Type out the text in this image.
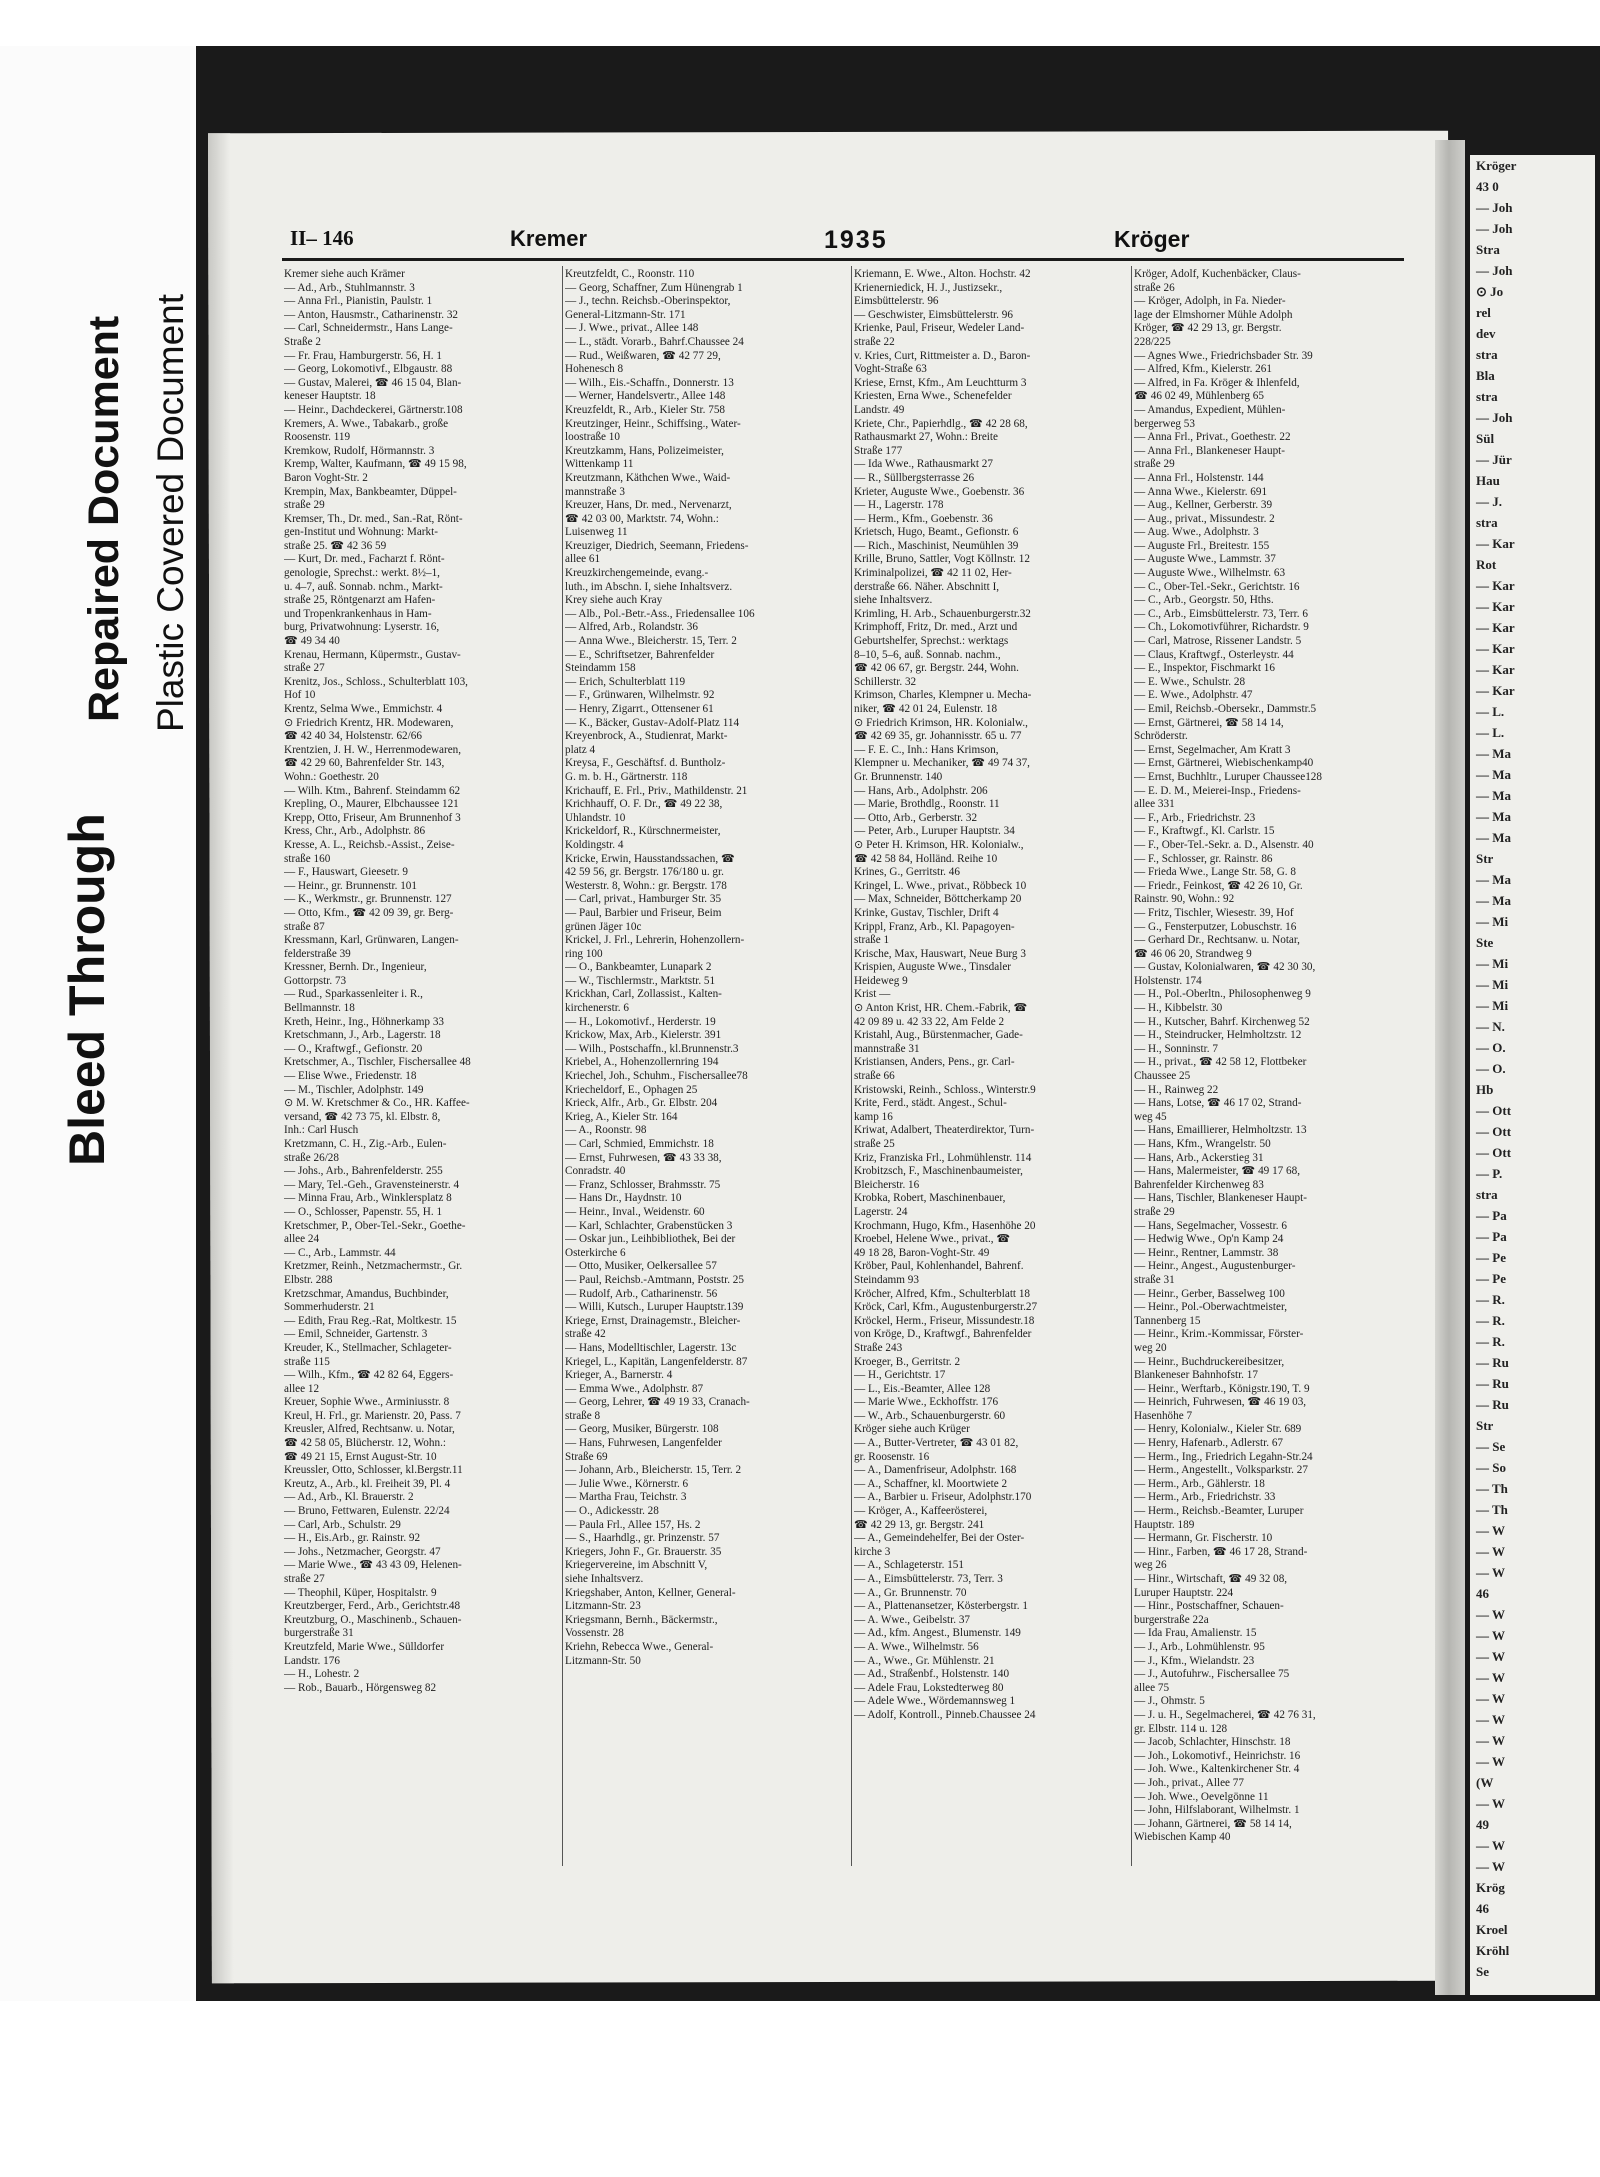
Bleed Through
Repaired Document Plastic Covered Document
Kröger
43 0
— Joh
— Joh
Stra
— Joh
⊙ Jo
rel
dev
stra
Bla
stra
— Joh
Sül
— Jür
Hau
— J.
stra
— Kar
Rot
— Kar
— Kar
— Kar
— Kar
— Kar
— Kar
— L.
— L.
— Ma
— Ma
— Ma
— Ma
— Ma
Str
— Ma
— Ma
— Mi
Ste
— Mi
— Mi
— Mi
— N.
— O.
— O.
Hb
— Ott
— Ott
— Ott
— P.
stra
— Pa
— Pa
— Pe
— Pe
— R.
— R.
— R.
— Ru
— Ru
— Ru
Str
— Se
— So
— Th
— Th
— W
— W
— W
46
— W
— W
— W
— W
— W
— W
— W
— W
(W
— W
49
— W
— W
Krög
46
Kroel
Kröhl
Se
II– 146	Kremer	1935	Kröger
Kremer siehe auch Krämer
— Ad., Arb., Stuhlmannstr. 3
— Anna Frl., Pianistin, Paulstr. 1
— Anton, Hausmstr., Catharinenstr. 32
— Carl, Schneidermstr., Hans Lange-
Straße 2
— Fr. Frau, Hamburgerstr. 56, H. 1
— Georg, Lokomotivf., Elbgaustr. 88
— Gustav, Malerei, ☎ 46 15 04, Blan-
keneser Hauptstr. 18
— Heinr., Dachdeckerei, Gärtnerstr.108
Kremers, A. Wwe., Tabakarb., große
Roosenstr. 119
Kremkow, Rudolf, Hörmannstr. 3
Kremp, Walter, Kaufmann, ☎ 49 15 98,
Baron Voght-Str. 2
Krempin, Max, Bankbeamter, Düppel-
straße 29
Kremser, Th., Dr. med., San.-Rat, Rönt-
gen-Institut und Wohnung: Markt-
straße 25. ☎ 42 36 59
— Kurt, Dr. med., Facharzt f. Rönt-
genologie, Sprechst.: werkt. 8½–1,
u. 4–7, auß. Sonnab. nchm., Markt-
straße 25, Röntgenarzt am Hafen-
und Tropenkrankenhaus in Ham-
burg, Privatwohnung: Lyserstr. 16,
☎ 49 34 40
Krenau, Hermann, Küpermstr., Gustav-
straße 27
Krenitz, Jos., Schloss., Schulterblatt 103,
Hof 10
Krentz, Selma Wwe., Emmichstr. 4
⊙ Friedrich Krentz, HR. Modewaren,
☎ 42 40 34, Holstenstr. 62/66
Krentzien, J. H. W., Herrenmodewaren,
☎ 42 29 60, Bahrenfelder Str. 143,
Wohn.: Goethestr. 20
— Wilh. Ktm., Bahrenf. Steindamm 62
Krepling, O., Maurer, Elbchaussee 121
Krepp, Otto, Friseur, Am Brunnenhof 3
Kress, Chr., Arb., Adolphstr. 86
Kresse, A. L., Reichsb.-Assist., Zeise-
straße 160
— F., Hauswart, Gieesetr. 9
— Heinr., gr. Brunnenstr. 101
— K., Werkmstr., gr. Brunnenstr. 127
— Otto, Kfm., ☎ 42 09 39, gr. Berg-
straße 87
Kressmann, Karl, Grünwaren, Langen-
felderstraße 39
Kressner, Bernh. Dr., Ingenieur,
Gottorpstr. 73
— Rud., Sparkassenleiter i. R.,
Bellmannstr. 18
Kreth, Heinr., Ing., Höhnerkamp 33
Kretschmann, J., Arb., Lagerstr. 18
— O., Kraftwgf., Gefionstr. 20
Kretschmer, A., Tischler, Fischersallee 48
— Elise Wwe., Friedenstr. 18
— M., Tischler, Adolphstr. 149
⊙ M. W. Kretschmer & Co., HR. Kaffee-
versand, ☎ 42 73 75, kl. Elbstr. 8,
Inh.: Carl Husch
Kretzmann, C. H., Zig.-Arb., Eulen-
straße 26/28
— Johs., Arb., Bahrenfelderstr. 255
— Mary, Tel.-Geh., Gravensteinerstr. 4
— Minna Frau, Arb., Winklersplatz 8
— O., Schlosser, Papenstr. 55, H. 1
Kretschmer, P., Ober-Tel.-Sekr., Goethe-
allee 24
— C., Arb., Lammstr. 44
Kretzmer, Reinh., Netzmachermstr., Gr.
Elbstr. 288
Kretzschmar, Amandus, Buchbinder,
Sommerhuderstr. 21
— Edith, Frau Reg.-Rat, Moltkestr. 15
— Emil, Schneider, Gartenstr. 3
Kreuder, K., Stellmacher, Schlageter-
straße 115
— Wilh., Kfm., ☎ 42 82 64, Eggers-
allee 12
Kreuer, Sophie Wwe., Arminiusstr. 8
Kreul, H. Frl., gr. Marienstr. 20, Pass. 7
Kreusler, Alfred, Rechtsanw. u. Notar,
☎ 42 58 05, Blücherstr. 12, Wohn.:
☎ 49 21 15, Ernst August-Str. 10
Kreussler, Otto, Schlosser, kl.Bergstr.11
Kreutz, A., Arb., kl. Freiheit 39, Pl. 4
— Ad., Arb., Kl. Brauerstr. 2
— Bruno, Fettwaren, Eulenstr. 22/24
— Carl, Arb., Schulstr. 29
— H., Eis.Arb., gr. Rainstr. 92
— Johs., Netzmacher, Georgstr. 47
— Marie Wwe., ☎ 43 43 09, Helenen-
straße 27
— Theophil, Küper, Hospitalstr. 9
Kreutzberger, Ferd., Arb., Gerichtstr.48
Kreutzburg, O., Maschinenb., Schauen-
burgerstraße 31
Kreutzfeld, Marie Wwe., Sülldorfer
Landstr. 176
— H., Lohestr. 2
— Rob., Bauarb., Hörgensweg 82
Kreutzfeldt, C., Roonstr. 110
— Georg, Schaffner, Zum Hünengrab 1
— J., techn. Reichsb.-Oberinspektor,
General-Litzmann-Str. 171
— J. Wwe., privat., Allee 148
— L., städt. Vorarb., Bahrf.Chaussee 24
— Rud., Weißwaren, ☎ 42 77 29,
Hohenesch 8
— Wilh., Eis.-Schaffn., Donnerstr. 13
— Werner, Handelsvertr., Allee 148
Kreuzfeldt, R., Arb., Kieler Str. 758
Kreutzinger, Heinr., Schiffsing., Water-
loostraße 10
Kreutzkamm, Hans, Polizeimeister,
Wittenkamp 11
Kreutzmann, Käthchen Wwe., Waid-
mannstraße 3
Kreuzer, Hans, Dr. med., Nervenarzt,
☎ 42 03 00, Marktstr. 74, Wohn.:
Luisenweg 11
Kreuziger, Diedrich, Seemann, Friedens-
allee 61
Kreuzkirchengemeinde, evang.-
luth., im Abschn. I, siehe Inhaltsverz.
Krey siehe auch Kray
— Alb., Pol.-Betr.-Ass., Friedensallee 106
— Alfred, Arb., Rolandstr. 36
— Anna Wwe., Bleicherstr. 15, Terr. 2
— E., Schriftsetzer, Bahrenfelder
Steindamm 158
— Erich, Schulterblatt 119
— F., Grünwaren, Wilhelmstr. 92
— Henry, Zigarrt., Ottensener 61
— K., Bäcker, Gustav-Adolf-Platz 114
Kreyenbrock, A., Studienrat, Markt-
platz 4
Kreysa, F., Geschäftsf. d. Buntholz-
G. m. b. H., Gärtnerstr. 118
Krichauff, E. Frl., Priv., Mathildenstr. 21
Krichhauff, O. F. Dr., ☎ 49 22 38,
Uhlandstr. 10
Krickeldorf, R., Kürschnermeister,
Koldingstr. 4
Kricke, Erwin, Hausstandssachen, ☎
42 59 56, gr. Bergstr. 176/180 u. gr.
Westerstr. 8, Wohn.: gr. Bergstr. 178
— Carl, privat., Hamburger Str. 35
— Paul, Barbier und Friseur, Beim
grünen Jäger 10c
Krickel, J. Frl., Lehrerin, Hohenzollern-
ring 100
— O., Bankbeamter, Lunapark 2
— W., Tischlermstr., Marktstr. 51
Krickhan, Carl, Zollassist., Kalten-
kirchenerstr. 6
— H., Lokomotivf., Herderstr. 19
Krickow, Max, Arb., Kielerstr. 391
— Wilh., Postschaffn., kl.Brunnenstr.3
Kriebel, A., Hohenzollernring 194
Kriechel, Joh., Schuhm., Fischersallee78
Kriecheldorf, E., Ophagen 25
Krieck, Alfr., Arb., Gr. Elbstr. 204
Krieg, A., Kieler Str. 164
— A., Roonstr. 98
— Carl, Schmied, Emmichstr. 18
— Ernst, Fuhrwesen, ☎ 43 33 38,
Conradstr. 40
— Franz, Schlosser, Brahmsstr. 75
— Hans Dr., Haydnstr. 10
— Heinr., Inval., Weidenstr. 60
— Karl, Schlachter, Grabenstücken 3
— Oskar jun., Leihbibliothek, Bei der
Osterkirche 6
— Otto, Musiker, Oelkersallee 57
— Paul, Reichsb.-Amtmann, Poststr. 25
— Rudolf, Arb., Catharinenstr. 56
— Willi, Kutsch., Luruper Hauptstr.139
Kriege, Ernst, Drainagemstr., Bleicher-
straße 42
— Hans, Modelltischler, Lagerstr. 13c
Kriegel, L., Kapitän, Langenfelderstr. 87
Krieger, A., Barnerstr. 4
— Emma Wwe., Adolphstr. 87
— Georg, Lehrer, ☎ 49 19 33, Cranach-
straße 8
— Georg, Musiker, Bürgerstr. 108
— Hans, Fuhrwesen, Langenfelder
Straße 69
— Johann, Arb., Bleicherstr. 15, Terr. 2
— Julie Wwe., Körnerstr. 6
— Martha Frau, Teichstr. 3
— O., Adickesstr. 28
— Paula Frl., Allee 157, Hs. 2
— S., Haarhdlg., gr. Prinzenstr. 57
Kriegers, John F., Gr. Brauerstr. 35
Kriegervereine, im Abschnitt V,
siehe Inhaltsverz.
Kriegshaber, Anton, Kellner, General-
Litzmann-Str. 23
Kriegsmann, Bernh., Bäckermstr.,
Vossenstr. 28
Kriehn, Rebecca Wwe., General-
Litzmann-Str. 50
Kriemann, E. Wwe., Alton. Hochstr. 42
Krienerniedick, H. J., Justizsekr.,
Eimsbüttelerstr. 96
— Geschwister, Eimsbüttelerstr. 96
Krienke, Paul, Friseur, Wedeler Land-
straße 22
v. Kries, Curt, Rittmeister a. D., Baron-
Voght-Straße 63
Kriese, Ernst, Kfm., Am Leuchtturm 3
Kriesten, Erna Wwe., Schenefelder
Landstr. 49
Kriete, Chr., Papierhdlg., ☎ 42 28 68,
Rathausmarkt 27, Wohn.: Breite
Straße 177
— Ida Wwe., Rathausmarkt 27
— R., Süllbergsterrasse 26
Krieter, Auguste Wwe., Goebenstr. 36
— H., Lagerstr. 178
— Herm., Kfm., Goebenstr. 36
Krietsch, Hugo, Beamt., Gefionstr. 6
— Rich., Maschinist, Neumühlen 39
Krille, Bruno, Sattler, Vogt Köllnstr. 12
Kriminalpolizei, ☎ 42 11 02, Her-
derstraße 66. Näher. Abschnitt I,
siehe Inhaltsverz.
Krimling, H. Arb., Schauenburgerstr.32
Krimphoff, Fritz, Dr. med., Arzt und
Geburtshelfer, Sprechst.: werktags
8–10, 5–6, auß. Sonnab. nachm.,
☎ 42 06 67, gr. Bergstr. 244, Wohn.
Schillerstr. 32
Krimson, Charles, Klempner u. Mecha-
niker, ☎ 42 01 24, Eulenstr. 18
⊙ Friedrich Krimson, HR. Kolonialw.,
☎ 42 69 35, gr. Johannisstr. 65 u. 77
— F. E. C., Inh.: Hans Krimson,
Klempner u. Mechaniker, ☎ 49 74 37,
Gr. Brunnenstr. 140
— Hans, Arb., Adolphstr. 206
— Marie, Brothdlg., Roonstr. 11
— Otto, Arb., Gerberstr. 32
— Peter, Arb., Luruper Hauptstr. 34
⊙ Peter H. Krimson, HR. Kolonialw.,
☎ 42 58 84, Holländ. Reihe 10
Krines, G., Gerritstr. 46
Kringel, L. Wwe., privat., Röbbeck 10
— Max, Schneider, Böttcherkamp 20
Krinke, Gustav, Tischler, Drift 4
Krippl, Franz, Arb., Kl. Papagoyen-
straße 1
Krische, Max, Hauswart, Neue Burg 3
Krispien, Auguste Wwe., Tinsdaler
Heideweg 9
Krist —
⊙ Anton Krist, HR. Chem.-Fabrik, ☎
42 09 89 u. 42 33 22, Am Felde 2
Kristahl, Aug., Bürstenmacher, Gade-
mannstraße 31
Kristiansen, Anders, Pens., gr. Carl-
straße 66
Kristowski, Reinh., Schloss., Winterstr.9
Krite, Ferd., städt. Angest., Schul-
kamp 16
Kriwat, Adalbert, Theaterdirektor, Turn-
straße 25
Kriz, Franziska Frl., Lohmühlenstr. 114
Krobitzsch, F., Maschinenbaumeister,
Bleicherstr. 16
Krobka, Robert, Maschinenbauer,
Lagerstr. 24
Krochmann, Hugo, Kfm., Hasenhöhe 20
Kroebel, Helene Wwe., privat., ☎
49 18 28, Baron-Voght-Str. 49
Kröber, Paul, Kohlenhandel, Bahrenf.
Steindamm 93
Kröcher, Alfred, Kfm., Schulterblatt 18
Kröck, Carl, Kfm., Augustenburgerstr.27
Kröckel, Herm., Friseur, Missundestr.18
von Kröge, D., Kraftwgf., Bahrenfelder
Straße 243
Kroeger, B., Gerritstr. 2
— H., Gerichtstr. 17
— L., Eis.-Beamter, Allee 128
— Marie Wwe., Eckhoffstr. 176
— W., Arb., Schauenburgerstr. 60
Kröger siehe auch Krüger
— A., Butter-Vertreter, ☎ 43 01 82,
gr. Roosenstr. 16
— A., Damenfriseur, Adolphstr. 168
— A., Schaffner, kl. Moortwiete 2
— A., Barbier u. Friseur, Adolphstr.170
— Kröger, A., Kaffeerösterei,
☎ 42 29 13, gr. Bergstr. 241
— A., Gemeindehelfer, Bei der Oster-
kirche 3
— A., Schlageterstr. 151
— A., Eimsbüttelerstr. 73, Terr. 3
— A., Gr. Brunnenstr. 70
— A., Plattenansetzer, Kösterbergstr. 1
— A. Wwe., Geibelstr. 37
— Ad., kfm. Angest., Blumenstr. 149
— A. Wwe., Wilhelmstr. 56
— A., Wwe., Gr. Mühlenstr. 21
— Ad., Straßenbf., Holstenstr. 140
— Adele Frau, Lokstedterweg 80
— Adele Wwe., Wördemannsweg 1
— Adolf, Kontroll., Pinneb.Chaussee 24
Kröger, Adolf, Kuchenbäcker, Claus-
straße 26
— Kröger, Adolph, in Fa. Nieder-
lage der Elmshorner Mühle Adolph
Kröger, ☎ 42 29 13, gr. Bergstr.
228/225
— Agnes Wwe., Friedrichsbader Str. 39
— Alfred, Kfm., Kielerstr. 261
— Alfred, in Fa. Kröger & Ihlenfeld,
☎ 46 02 49, Mühlenberg 65
— Amandus, Expedient, Mühlen-
bergerweg 53
— Anna Frl., Privat., Goethestr. 22
— Anna Frl., Blankeneser Haupt-
straße 29
— Anna Frl., Holstenstr. 144
— Anna Wwe., Kielerstr. 691
— Aug., Kellner, Gerberstr. 39
— Aug., privat., Missundestr. 2
— Aug. Wwe., Adolphstr. 3
— Auguste Frl., Breitestr. 155
— Auguste Wwe., Lammstr. 37
— Auguste Wwe., Wilhelmstr. 63
— C., Ober-Tel.-Sekr., Gerichtstr. 16
— C., Arb., Georgstr. 50, Hths.
— C., Arb., Eimsbüttelerstr. 73, Terr. 6
— Ch., Lokomotivführer, Richardstr. 9
— Carl, Matrose, Rissener Landstr. 5
— Claus, Kraftwgf., Osterleystr. 44
— E., Inspektor, Fischmarkt 16
— E. Wwe., Schulstr. 28
— E. Wwe., Adolphstr. 47
— Emil, Reichsb.-Obersekr., Dammstr.5
— Ernst, Gärtnerei, ☎ 58 14 14,
Schröderstr.
— Ernst, Segelmacher, Am Kratt 3
— Ernst, Gärtnerei, Wiebischenkamp40
— Ernst, Buchhltr., Luruper Chaussee128
— E. D. M., Meierei-Insp., Friedens-
allee 331
— F., Arb., Friedrichstr. 23
— F., Kraftwgf., Kl. Carlstr. 15
— F., Ober-Tel.-Sekr. a. D., Alsenstr. 40
— F., Schlosser, gr. Rainstr. 86
— Frieda Wwe., Lange Str. 58, G. 8
— Friedr., Feinkost, ☎ 42 26 10, Gr.
Rainstr. 90, Wohn.: 92
— Fritz, Tischler, Wiesestr. 39, Hof
— G., Fensterputzer, Lobuschstr. 16
— Gerhard Dr., Rechtsanw. u. Notar,
☎ 46 06 20, Strandweg 9
— Gustav, Kolonialwaren, ☎ 42 30 30,
Holstenstr. 174
— H., Pol.-Oberltn., Philosophenweg 9
— H., Kibbelstr. 30
— H., Kutscher, Bahrf. Kirchenweg 52
— H., Steindrucker, Helmholtzstr. 12
— H., Sonninstr. 7
— H., privat., ☎ 42 58 12, Flottbeker
Chaussee 25
— H., Rainweg 22
— Hans, Lotse, ☎ 46 17 02, Strand-
weg 45
— Hans, Emaillierer, Helmholtzstr. 13
— Hans, Kfm., Wrangelstr. 50
— Hans, Arb., Ackerstieg 31
— Hans, Malermeister, ☎ 49 17 68,
Bahrenfelder Kirchenweg 83
— Hans, Tischler, Blankeneser Haupt-
straße 29
— Hans, Segelmacher, Vossestr. 6
— Hedwig Wwe., Op'n Kamp 24
— Heinr., Rentner, Lammstr. 38
— Heinr., Angest., Augustenburger-
straße 31
— Heinr., Gerber, Basselweg 100
— Heinr., Pol.-Oberwachtmeister,
Tannenberg 15
— Heinr., Krim.-Kommissar, Förster-
weg 20
— Heinr., Buchdruckereibesitzer,
Blankeneser Bahnhofstr. 17
— Heinr., Werftarb., Königstr.190, T. 9
— Heinrich, Fuhrwesen, ☎ 46 19 03,
Hasenhöhe 7
— Henry, Kolonialw., Kieler Str. 689
— Henry, Hafenarb., Adlerstr. 67
— Herm., Ing., Friedrich Legahn-Str.24
— Herm., Angestellt., Volksparkstr. 27
— Herm., Arb., Gählerstr. 18
— Herm., Arb., Friedrichstr. 33
— Herm., Reichsb.-Beamter, Luruper
Hauptstr. 189
— Hermann, Gr. Fischerstr. 10
— Hinr., Farben, ☎ 46 17 28, Strand-
weg 26
— Hinr., Wirtschaft, ☎ 49 32 08,
Luruper Hauptstr. 224
— Hinr., Postschaffner, Schauen-
burgerstraße 22a
— Ida Frau, Amalienstr. 15
— J., Arb., Lohmühlenstr. 95
— J., Kfm., Wielandstr. 23
— J., Autofuhrw., Fischersallee 75
allee 75
— J., Ohmstr. 5
— J. u. H., Segelmacherei, ☎ 42 76 31,
gr. Elbstr. 114 u. 128
— Jacob, Schlachter, Hinschstr. 18
— Joh., Lokomotivf., Heinrichstr. 16
— Joh. Wwe., Kaltenkirchener Str. 4
— Joh., privat., Allee 77
— Joh. Wwe., Oevelgönne 11
— John, Hilfslaborant, Wilhelmstr. 1
— Johann, Gärtnerei, ☎ 58 14 14,
Wiebischen Kamp 40
